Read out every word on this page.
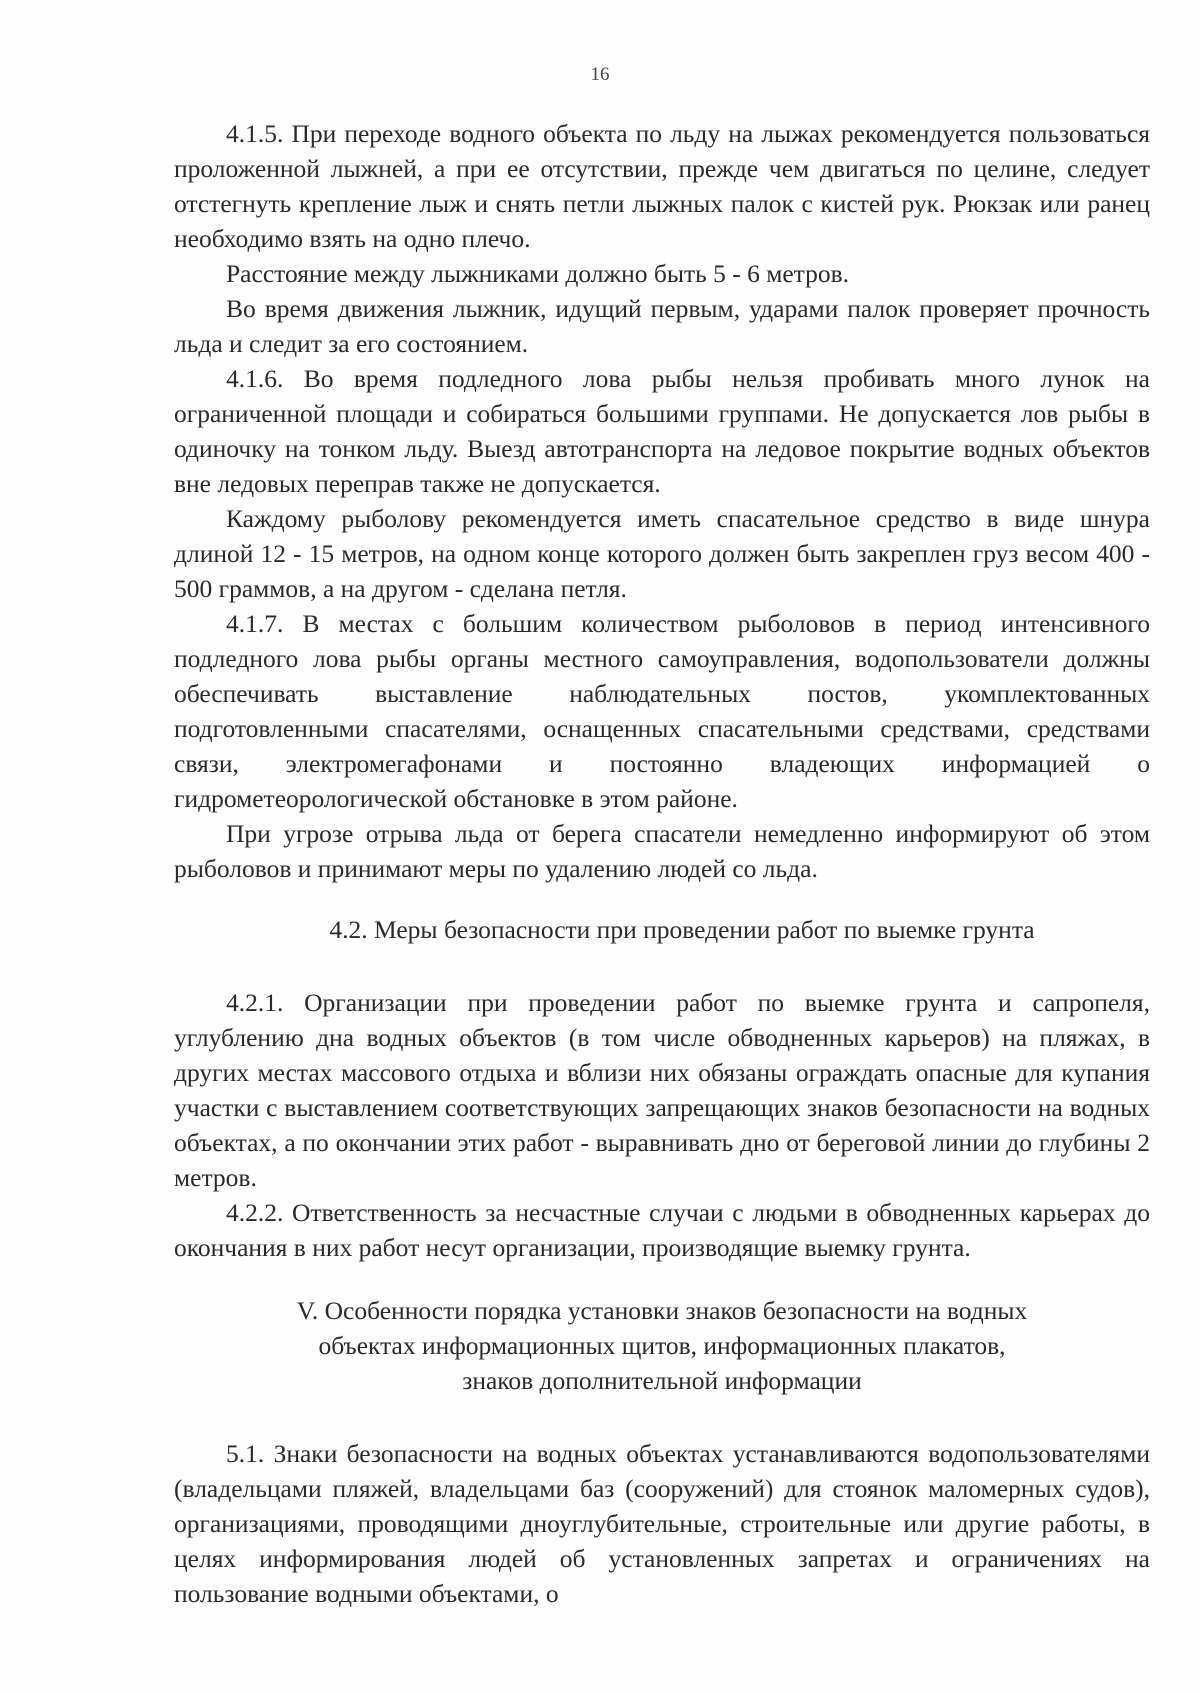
16

4.1.5. При переходе водного объекта по льду на лыжах рекомендуется пользоваться проложенной лыжней, а при ее отсутствии, прежде чем двигаться по целине, следует отстегнуть крепление лыж и снять петли лыжных палок с кистей рук. Рюкзак или ранец необходимо взять на одно плечо.

Расстояние между лыжниками должно быть 5 - 6 метров.

Во время движения лыжник, идущий первым, ударами палок проверяет прочность льда и следит за его состоянием.

4.1.6. Во время подледного лова рыбы нельзя пробивать много лунок на ограниченной площади и собираться большими группами. Не допускается лов рыбы в одиночку на тонком льду. Выезд автотранспорта на ледовое покрытие водных объектов вне ледовых переправ также не допускается.

Каждому рыболову рекомендуется иметь спасательное средство в виде шнура длиной 12 - 15 метров, на одном конце которого должен быть закреплен груз весом 400 - 500 граммов, а на другом - сделана петля.

4.1.7. В местах с большим количеством рыболовов в период интенсивного подледного лова рыбы органы местного самоуправления, водопользователи должны обеспечивать выставление наблюдательных постов, укомплектованных подготовленными спасателями, оснащенных спасательными средствами, средствами связи, электромегафонами и постоянно владеющих информацией о гидрометеорологической обстановке в этом районе.

При угрозе отрыва льда от берега спасатели немедленно информируют об этом рыболовов и принимают меры по удалению людей со льда.

4.2. Меры безопасности при проведении работ по выемке грунта

4.2.1. Организации при проведении работ по выемке грунта и сапропеля, углублению дна водных объектов (в том числе обводненных карьеров) на пляжах, в других местах массового отдыха и вблизи них обязаны ограждать опасные для купания участки с выставлением соответствующих запрещающих знаков безопасности на водных объектах, а по окончании этих работ - выравнивать дно от береговой линии до глубины 2 метров.

4.2.2. Ответственность за несчастные случаи с людьми в обводненных карьерах до окончания в них работ несут организации, производящие выемку грунта.

V. Особенности порядка установки знаков безопасности на водных
объектах информационных щитов, информационных плакатов,
знаков дополнительной информации

5.1. Знаки безопасности на водных объектах устанавливаются водопользователями (владельцами пляжей, владельцами баз (сооружений) для стоянок маломерных судов), организациями, проводящими дноуглубительные, строительные или другие работы, в целях информирования людей об установленных запретах и ограничениях на пользование водными объектами, о
